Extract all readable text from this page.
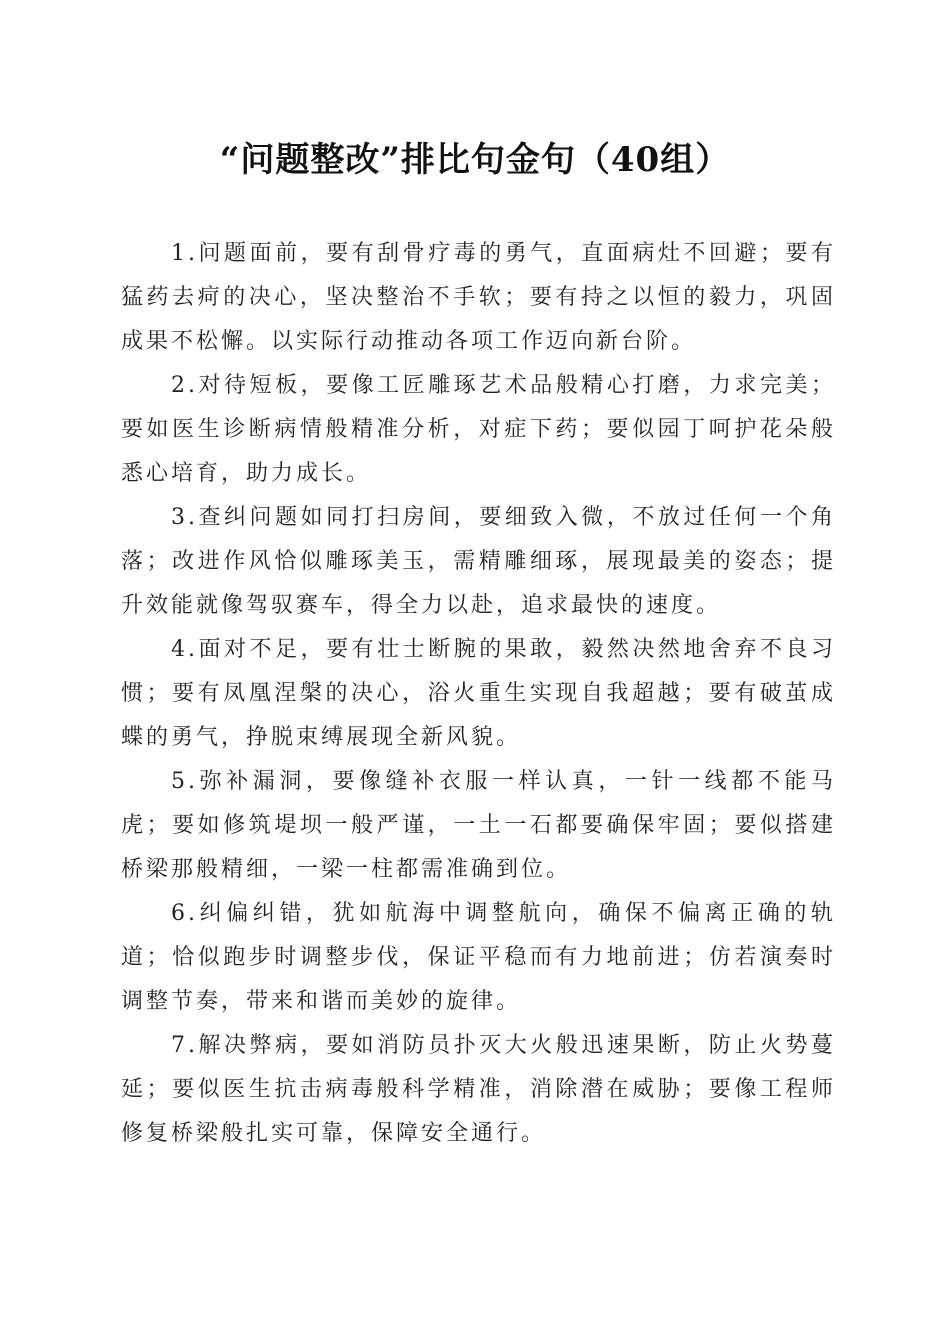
“问题整改”排比句金句（40组）

1.问题面前，要有刮骨疗毒的勇气，直面病灶不回避；要有猛药去疴的决心，坚决整治不手软；要有持之以恒的毅力，巩固成果不松懈。以实际行动推动各项工作迈向新台阶。

2.对待短板，要像工匠雕琢艺术品般精心打磨，力求完美；要如医生诊断病情般精准分析，对症下药；要似园丁呵护花朵般悉心培育，助力成长。

3.查纠问题如同打扫房间，要细致入微，不放过任何一个角落；改进作风恰似雕琢美玉，需精雕细琢，展现最美的姿态；提升效能就像驾驭赛车，得全力以赴，追求最快的速度。

4.面对不足，要有壮士断腕的果敢，毅然决然地舍弃不良习惯；要有凤凰涅槃的决心，浴火重生实现自我超越；要有破茧成蝶的勇气，挣脱束缚展现全新风貌。

5.弥补漏洞，要像缝补衣服一样认真，一针一线都不能马虎；要如修筑堤坝一般严谨，一土一石都要确保牢固；要似搭建桥梁那般精细，一梁一柱都需准确到位。

6.纠偏纠错，犹如航海中调整航向，确保不偏离正确的轨道；恰似跑步时调整步伐，保证平稳而有力地前进；仿若演奏时调整节奏，带来和谐而美妙的旋律。

7.解决弊病，要如消防员扑灭大火般迅速果断，防止火势蔓延；要似医生抗击病毒般科学精准，消除潜在威胁；要像工程师修复桥梁般扎实可靠，保障安全通行。
